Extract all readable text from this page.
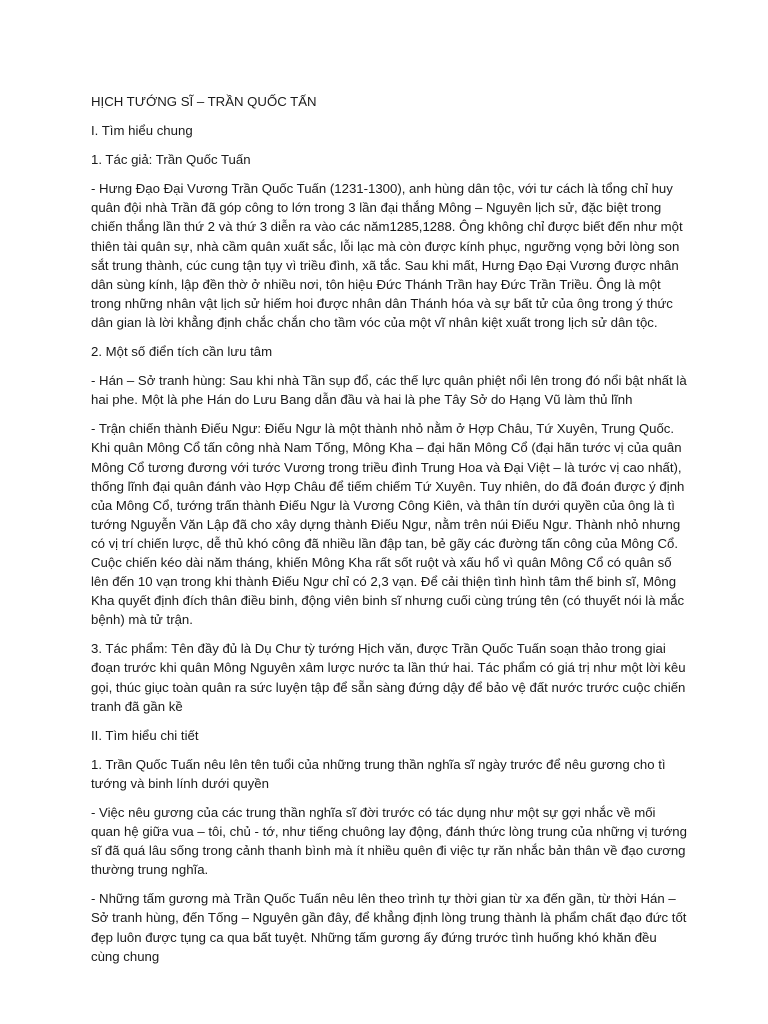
HỊCH TƯỚNG SĨ – TRẦN QUỐC TẤN

I. Tìm hiểu chung

1. Tác giả: Trần Quốc Tuấn

- Hưng Đạo Đại Vương Trần Quốc Tuấn (1231-1300), anh hùng dân tộc, với tư cách là tổng chỉ huy quân đội nhà Trần đã góp công to lớn trong 3 lần đại thắng Mông – Nguyên lịch sử, đặc biệt trong chiến thắng lần thứ 2 và thứ 3 diễn ra vào các năm1285,1288. Ông không chỉ được biết đến như một thiên tài quân sự, nhà cầm quân xuất sắc, lỗi lạc mà còn được kính phục, ngưỡng vọng bởi lòng son sắt trung thành, cúc cung tận tụy vì triều đình, xã tắc. Sau khi mất, Hưng Đạo Đại Vương được nhân dân sùng kính, lập đền thờ ở nhiều nơi, tôn hiệu Đức Thánh Trần hay Đức Trần Triều. Ông là một trong những nhân vật lịch sử hiếm hoi được nhân dân Thánh hóa và sự bất tử của ông trong ý thức dân gian là lời khẳng định chắc chắn cho tầm vóc của một vĩ nhân kiệt xuất trong lịch sử dân tộc.

2. Một số điển tích cần lưu tâm

- Hán – Sở tranh hùng: Sau khi nhà Tần sụp đổ, các thế lực quân phiệt nổi lên trong đó nổi bật nhất là hai phe. Một là phe Hán do Lưu Bang dẫn đầu và hai là phe Tây Sở do Hạng Vũ làm thủ lĩnh

- Trận chiến thành Điếu Ngư: Điếu Ngư là một thành nhỏ nằm ở Hợp Châu, Tứ Xuyên, Trung Quốc. Khi quân Mông Cổ tấn công nhà Nam Tống, Mông Kha – đại hãn Mông Cổ (đại hãn tước vị của quân Mông Cổ tương đương với tước Vương trong triều đình Trung Hoa và Đại Việt – là tước vị cao nhất), thống lĩnh đại quân đánh vào Hợp Châu để tiếm chiếm Tứ Xuyên. Tuy nhiên, do đã đoán được ý định của Mông Cổ, tướng trấn thành Điếu Ngư là Vương Công Kiên, và thân tín dưới quyền của ông là tì tướng Nguyễn Văn Lập đã cho xây dựng thành Điếu Ngư, nằm trên núi Điếu Ngư. Thành nhỏ nhưng có vị trí chiến lược, dễ thủ khó công đã nhiều lần đập tan, bẻ gãy các đường tấn công của Mông Cổ. Cuộc chiến kéo dài năm tháng, khiến Mông Kha rất sốt ruột và xấu hổ vì quân Mông Cổ có quân số lên đến 10 vạn trong khi thành Điếu Ngư chỉ có 2,3 vạn. Để cải thiện tình hình tâm thế binh sĩ, Mông Kha quyết định đích thân điều binh, động viên binh sĩ nhưng cuối cùng trúng tên (có thuyết nói là mắc bệnh) mà tử trận.

3. Tác phẩm: Tên đầy đủ là Dụ Chư tỳ tướng Hịch văn, được Trần Quốc Tuấn soạn thảo trong giai đoạn trước khi quân Mông Nguyên xâm lược nước ta lần thứ hai. Tác phẩm có giá trị như một lời kêu gọi, thúc giục toàn quân ra sức luyện tập để sẵn sàng đứng dậy để bảo vệ đất nước trước cuộc chiến tranh đã gần kề

II. Tìm hiểu chi tiết

1. Trần Quốc Tuấn nêu lên tên tuổi của những trung thần nghĩa sĩ ngày trước để nêu gương cho tì tướng và binh lính dưới quyền

- Việc nêu gương của các trung thần nghĩa sĩ đời trước có tác dụng như một sự gợi nhắc về mối quan hệ giữa vua – tôi, chủ - tớ, như tiếng chuông lay động, đánh thức lòng trung của những vị tướng sĩ đã quá lâu sống trong cảnh thanh bình mà ít nhiều quên đi việc tự răn nhắc bản thân về đạo cương thường trung nghĩa.

- Những tấm gương mà Trần Quốc Tuấn nêu lên theo trình tự thời gian từ xa đến gần, từ thời Hán – Sở tranh hùng, đến Tống – Nguyên gần đây, để khẳng định lòng trung thành là phẩm chất đạo đức tốt đẹp luôn được tụng ca qua bất tuyệt. Những tấm gương ấy đứng trước tình huống khó khăn đều cùng chung
